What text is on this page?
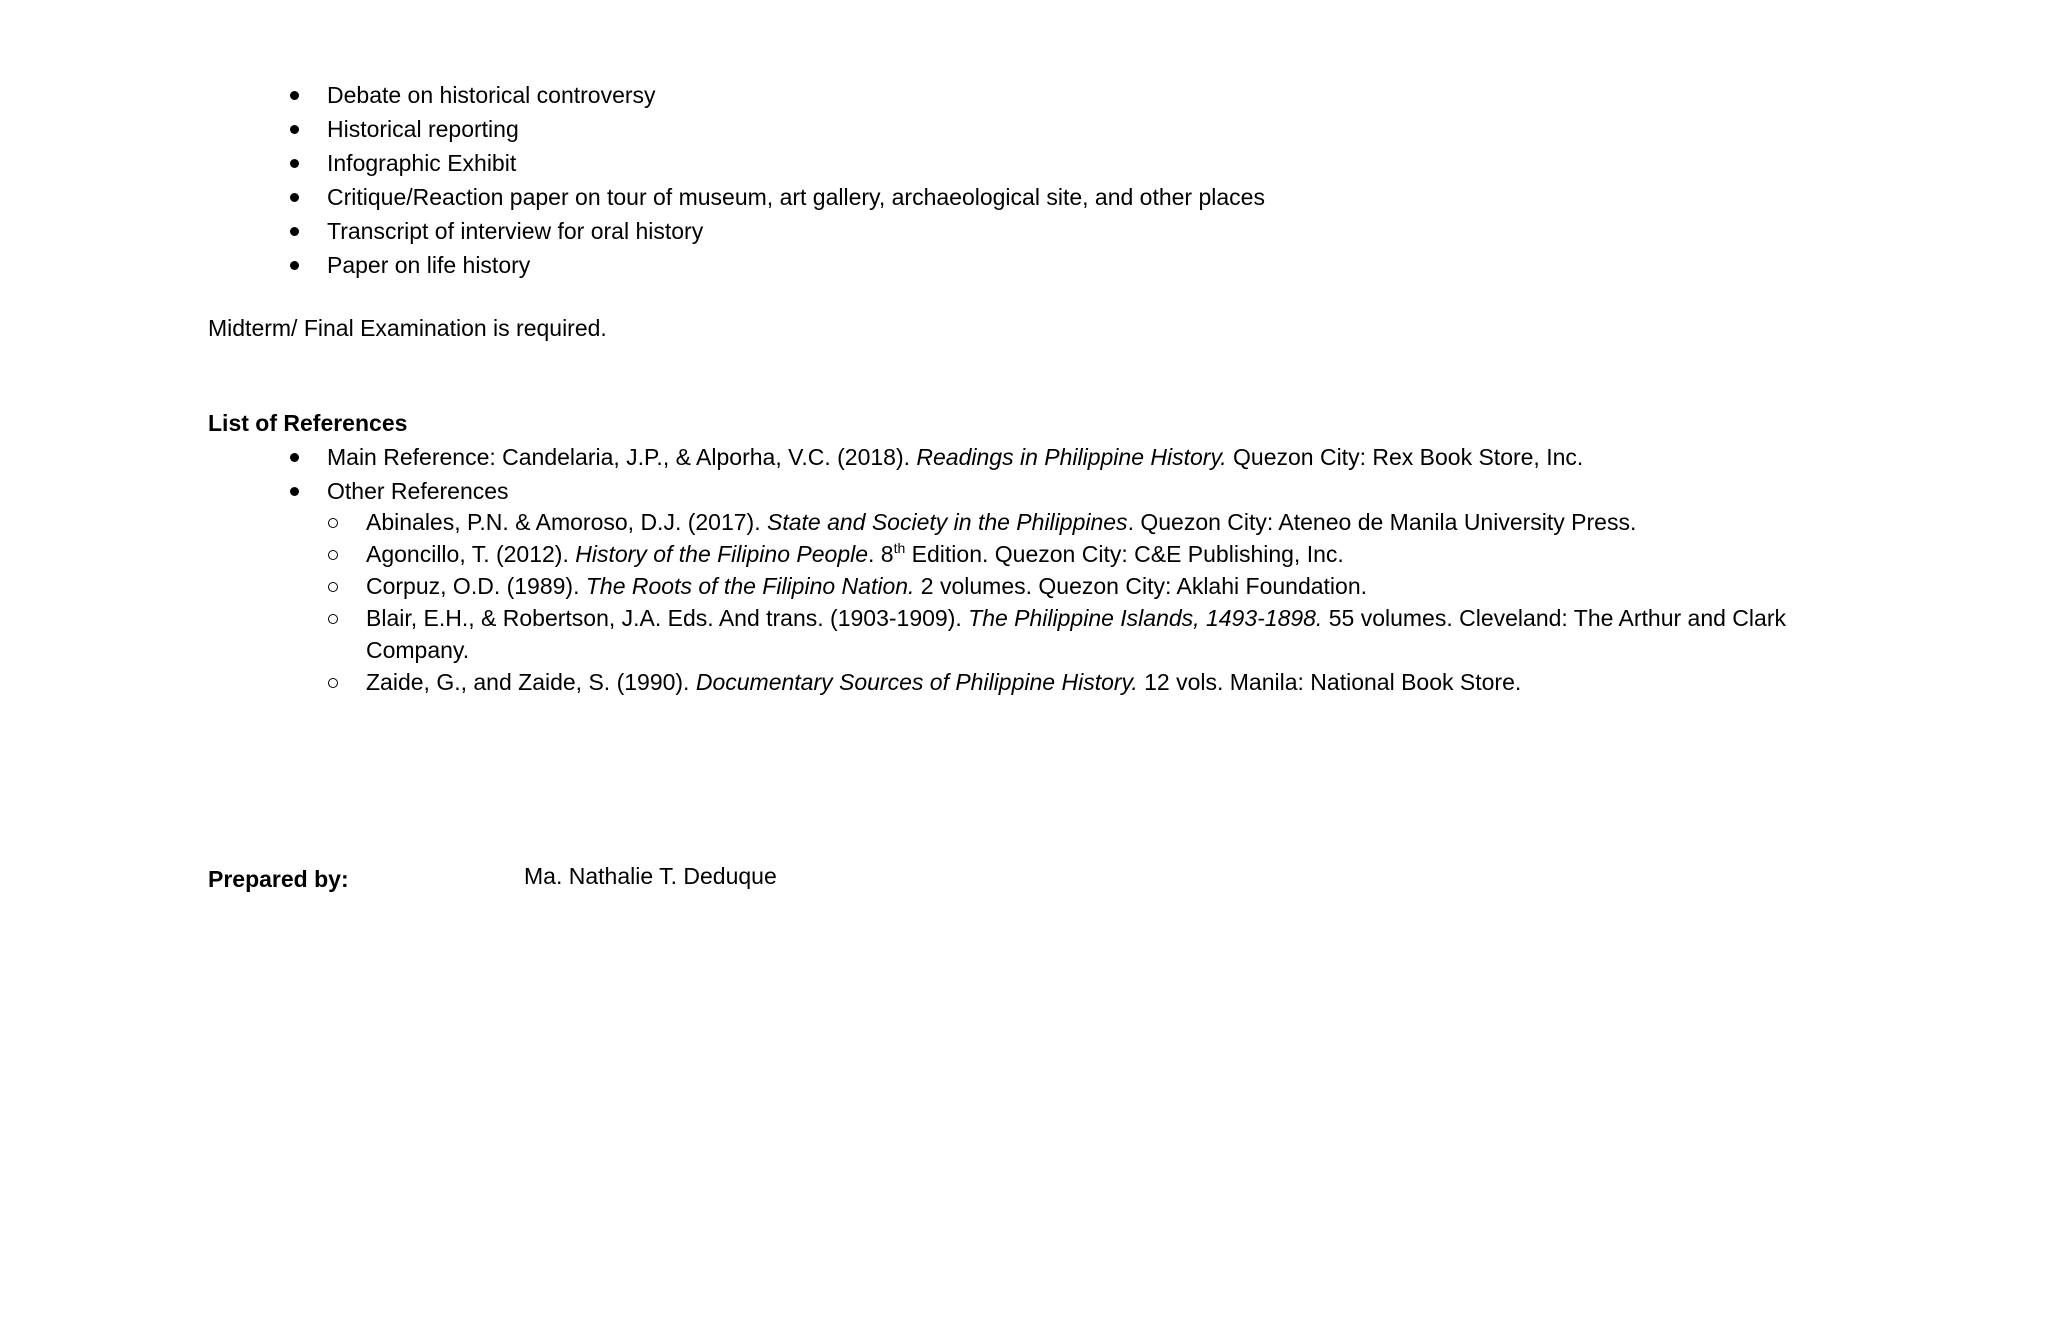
Debate on historical controversy
Historical reporting
Infographic Exhibit
Critique/Reaction paper on tour of museum, art gallery, archaeological site, and other places
Transcript of interview for oral history
Paper on life history
Midterm/ Final Examination is required.
List of References
Main Reference: Candelaria, J.P., & Alporha, V.C. (2018). Readings in Philippine History. Quezon City: Rex Book Store, Inc.
Other References
Abinales, P.N. & Amoroso, D.J. (2017). State and Society in the Philippines. Quezon City: Ateneo de Manila University Press.
Agoncillo, T. (2012). History of the Filipino People. 8th Edition. Quezon City: C&E Publishing, Inc.
Corpuz, O.D. (1989). The Roots of the Filipino Nation. 2 volumes. Quezon City: Aklahi Foundation.
Blair, E.H., & Robertson, J.A. Eds. And trans. (1903-1909). The Philippine Islands, 1493-1898. 55 volumes. Cleveland: The Arthur and Clark Company.
Zaide, G., and Zaide, S. (1990). Documentary Sources of Philippine History. 12 vols. Manila: National Book Store.
Prepared by:	Ma. Nathalie T. Deduque
